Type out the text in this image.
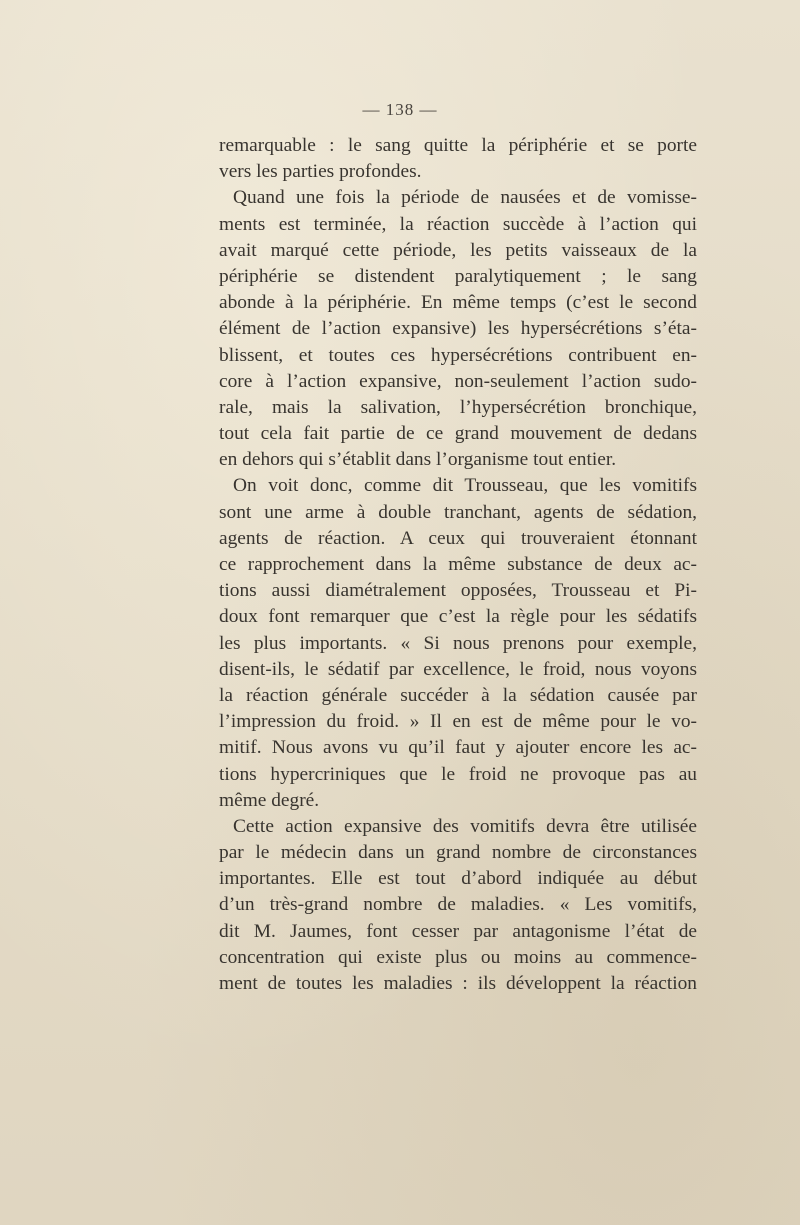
— 138 —
remarquable : le sang quitte la périphérie et se porte
vers les parties profondes.
Quand une fois la période de nausées et de vomisse-
ments est terminée, la réaction succède à l’action qui
avait marqué cette période, les petits vaisseaux de la
périphérie se distendent paralytiquement ; le sang
abonde à la périphérie. En même temps (c’est le second
élément de l’action expansive) les hypersécrétions s’éta-
blissent, et toutes ces hypersécrétions contribuent en-
core à l’action expansive, non-seulement l’action sudo-
rale, mais la salivation, l’hypersécrétion bronchique,
tout cela fait partie de ce grand mouvement de dedans
en dehors qui s’établit dans l’organisme tout entier.
On voit donc, comme dit Trousseau, que les vomitifs
sont une arme à double tranchant, agents de sédation,
agents de réaction. A ceux qui trouveraient étonnant
ce rapprochement dans la même substance de deux ac-
tions aussi diamétralement opposées, Trousseau et Pi-
doux font remarquer que c’est la règle pour les sédatifs
les plus importants. « Si nous prenons pour exemple,
disent-ils, le sédatif par excellence, le froid, nous voyons
la réaction générale succéder à la sédation causée par
l’impression du froid. » Il en est de même pour le vo-
mitif. Nous avons vu qu’il faut y ajouter encore les ac-
tions hypercriniques que le froid ne provoque pas au
même degré.
Cette action expansive des vomitifs devra être utilisée
par le médecin dans un grand nombre de circonstances
importantes. Elle est tout d’abord indiquée au début
d’un très-grand nombre de maladies. « Les vomitifs,
dit M. Jaumes, font cesser par antagonisme l’état de
concentration qui existe plus ou moins au commence-
ment de toutes les maladies : ils développent la réaction
